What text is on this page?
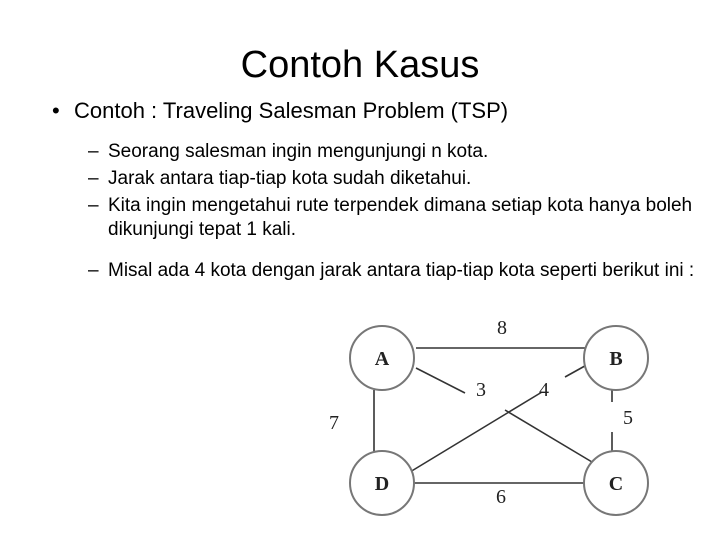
Contoh Kasus
• Contoh : Traveling Salesman Problem (TSP)
– Seorang salesman ingin mengunjungi n kota.
– Jarak antara tiap-tiap kota sudah diketahui.
– Kita ingin mengetahui rute terpendek dimana setiap kota hanya boleh dikunjungi tepat 1 kali.
– Misal ada 4 kota dengan jarak antara tiap-tiap kota seperti berikut ini :
A	B
C
D
8
3	4
5
7
6
